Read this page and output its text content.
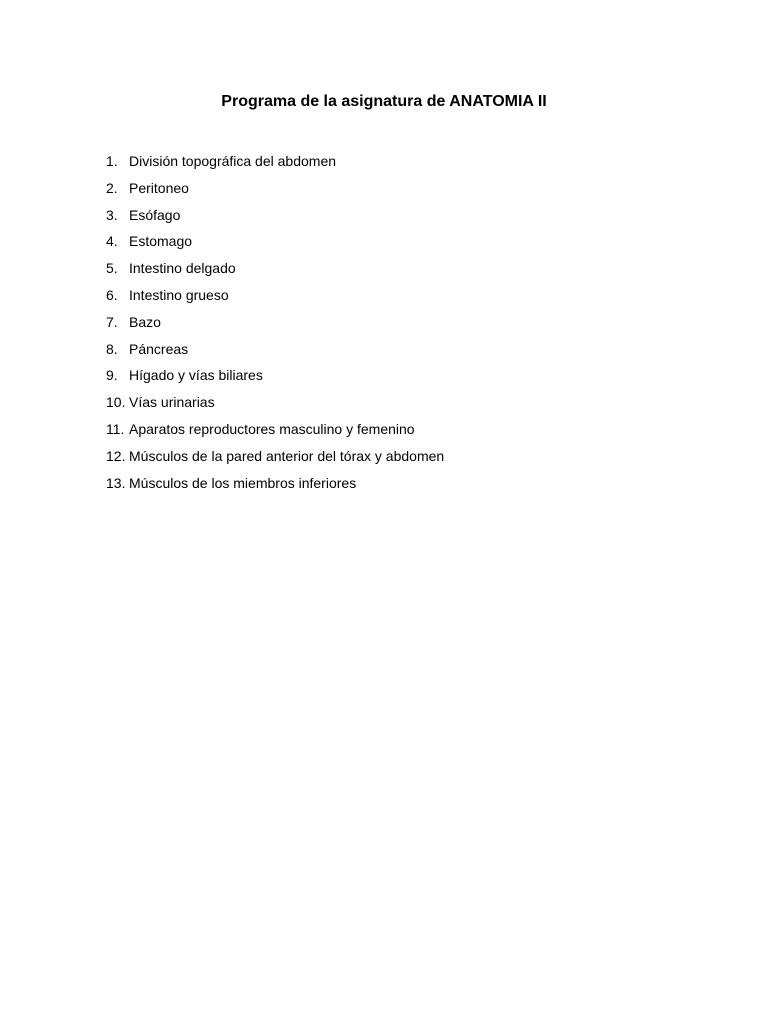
Programa de la asignatura de ANATOMIA II
1. División topográfica del abdomen
2. Peritoneo
3. Esófago
4. Estomago
5. Intestino delgado
6. Intestino grueso
7. Bazo
8. Páncreas
9. Hígado y vías biliares
10. Vías urinarias
11. Aparatos reproductores masculino y femenino
12. Músculos de la pared anterior del tórax y abdomen
13. Músculos de los miembros inferiores
